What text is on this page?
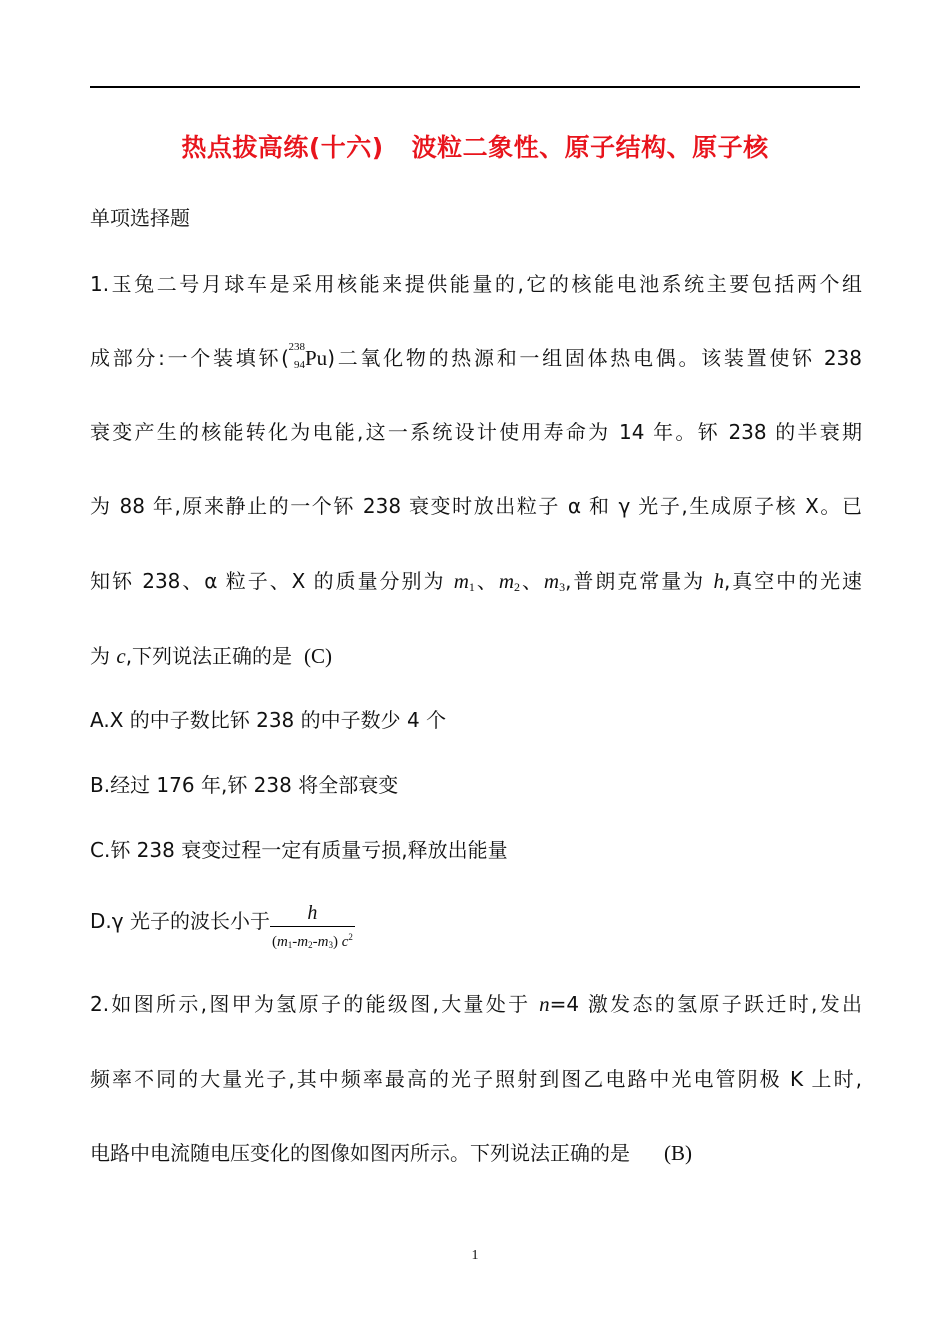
热点拔高练(十六) 波粒二象性、原子结构、原子核
单项选择题
1.玉兔二号月球车是采用核能来提供能量的,它的核能电池系统主要包括两个组
成部分:一个装填钚( 238
94 Pu)二氧化物的热源和一组固体热电偶。该装置使钚 238
衰变产生的核能转化为电能,这一系统设计使用寿命为 14 年。钚 238 的半衰期
为 88 年,原来静止的一个钚 238 衰变时放出粒子 α 和 γ 光子,生成原子核 X。已
知钚 238、α 粒子、X 的质量分别为 $m_1$、$m_2$、$m_3$,普朗克常量为 h,真空中的光速
为 c,下列说法正确的是 (C)
A.X 的中子数比钚 238 的中子数少 4 个
B.经过 176 年,钚 238 将全部衰变
C.钚 238 衰变过程一定有质量亏损,释放出能量
D.γ 光子的波长小于 $\frac{h}{(m_1-m_2-m_3) c^2}$
2.如图所示,图甲为氢原子的能级图,大量处于 n=4 激发态的氢原子跃迁时,发出
频率不同的大量光子,其中频率最高的光子照射到图乙电路中光电管阴极 K 上时,
电路中电流随电压变化的图像如图丙所示。下列说法正确的是 (B)
1
